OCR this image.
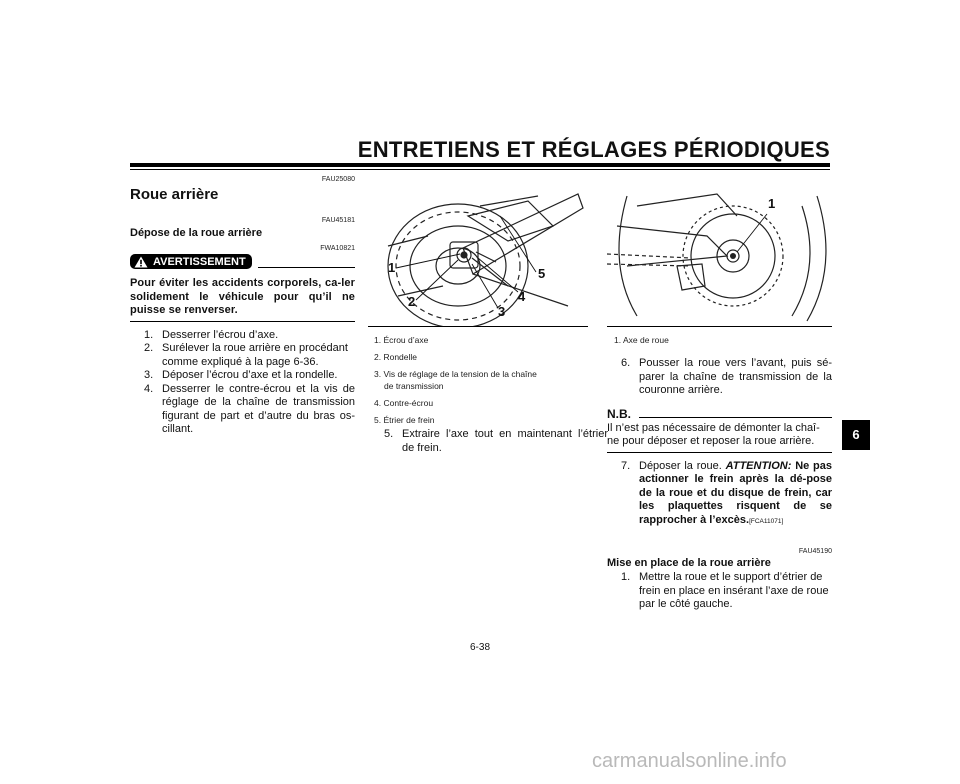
ENTRETIENS ET RÉGLAGES PÉRIODIQUES
6
FAU25080
Roue arrière
FAU45181
Dépose de la roue arrière
FWA10821
AVERTISSEMENT
Pour éviter les accidents corporels, ca-ler solidement le véhicule pour qu’il ne puisse se renverser.
1. Desserrer l’écrou d’axe.
2. Surélever la roue arrière en procédant comme expliqué à la page 6-36.
3. Déposer l’écrou d’axe et la rondelle.
4. Desserrer le contre-écrou et la vis de réglage de la chaîne de transmission figurant de part et d’autre du bras os-cillant.
1
2
3
4
5
1. Écrou d’axe
2. Rondelle
3. Vis de réglage de la tension de la chaîne
de transmission
4. Contre-écrou
5. Étrier de frein
5. Extraire l’axe tout en maintenant l’étrier de frein.
1
1. Axe de roue
6. Pousser la roue vers l’avant, puis sé-parer la chaîne de transmission de la couronne arrière.
N.B.
Il n’est pas nécessaire de démonter la chaî-ne pour déposer et reposer la roue arrière.
7. Déposer la roue. ATTENTION: Ne pas actionner le frein après la dé-pose de la roue et du disque de frein, car les plaquettes risquent de se rapprocher à l’excès.[FCA11071]
FAU45190
Mise en place de la roue arrière
1. Mettre la roue et le support d’étrier de frein en place en insérant l’axe de roue par le côté gauche.
6-38
carmanualsonline.info
